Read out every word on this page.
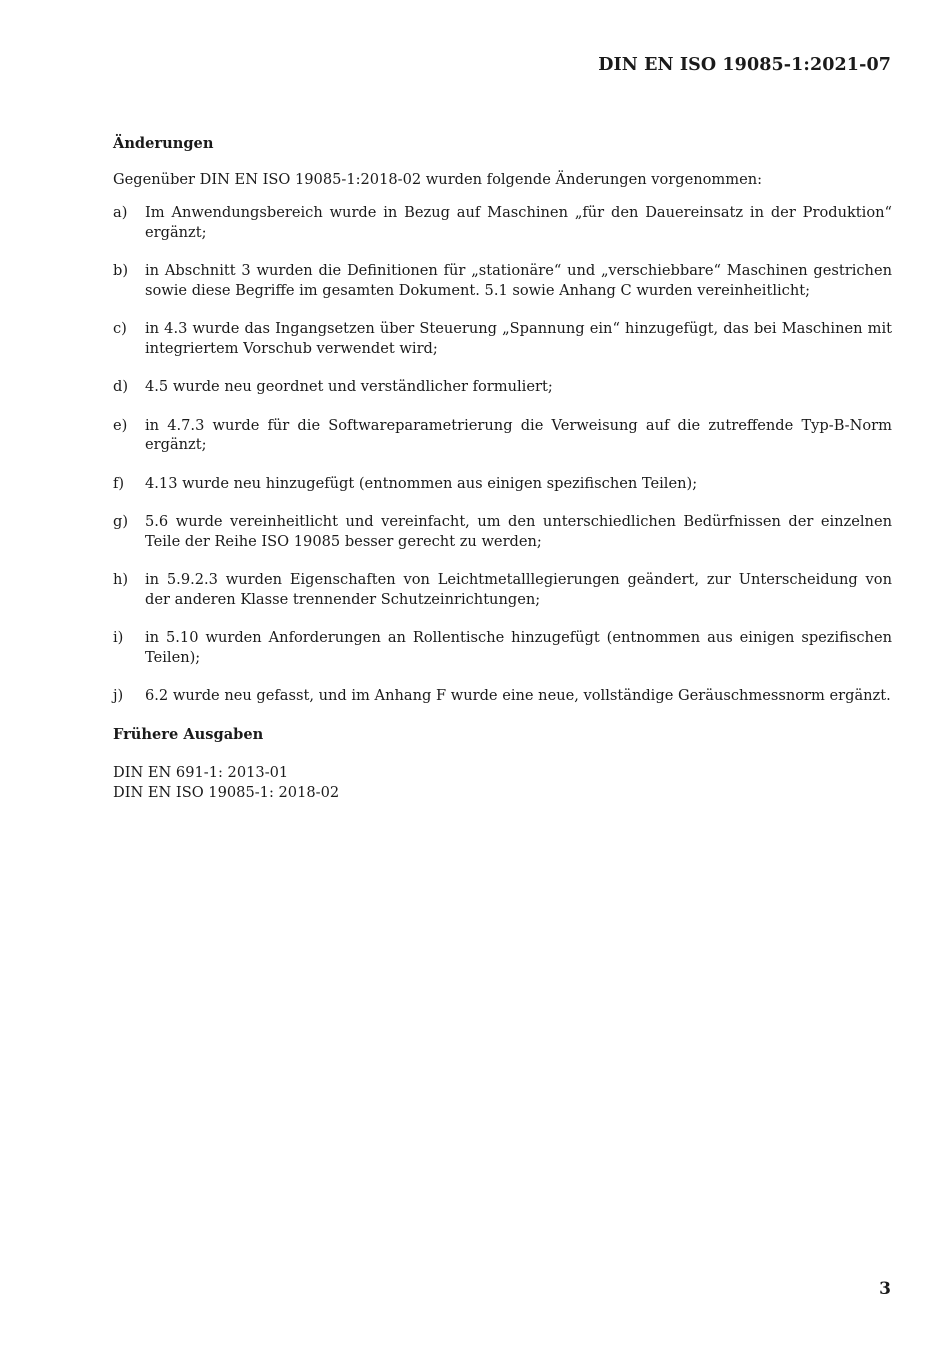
DIN EN ISO 19085-1:2021-07
Änderungen
Gegenüber DIN EN ISO 19085-1:2018-02 wurden folgende Änderungen vorgenommen:
a)	Im Anwendungsbereich wurde in Bezug auf Maschinen „für den Dauereinsatz in der Produktion“ ergänzt;
b)	in Abschnitt 3 wurden die Definitionen für „stationäre“ und „verschiebbare“ Maschinen gestrichen sowie diese Begriffe im gesamten Dokument. 5.1 sowie Anhang C wurden vereinheitlicht;
c)	in 4.3 wurde das Ingangsetzen über Steuerung „Spannung ein“ hinzugefügt, das bei Maschinen mit integriertem Vorschub verwendet wird;
d)	4.5 wurde neu geordnet und verständlicher formuliert;
e)	in 4.7.3 wurde für die Softwareparametrierung die Verweisung auf die zutreffende Typ-B-Norm ergänzt;
f)	4.13 wurde neu hinzugefügt (entnommen aus einigen spezifischen Teilen);
g)	5.6 wurde vereinheitlicht und vereinfacht, um den unterschiedlichen Bedürfnissen der einzelnen Teile der Reihe ISO 19085 besser gerecht zu werden;
h)	in 5.9.2.3 wurden Eigenschaften von Leichtmetalllegierungen geändert, zur Unterscheidung von der anderen Klasse trennender Schutzeinrichtungen;
i)	in 5.10 wurden Anforderungen an Rollentische hinzugefügt (entnommen aus einigen spezifischen Teilen);
j)	6.2 wurde neu gefasst, und im Anhang F wurde eine neue, vollständige Geräuschmessnorm ergänzt.
Frühere Ausgaben
DIN EN 691-1: 2013-01
DIN EN ISO 19085-1: 2018-02
3
